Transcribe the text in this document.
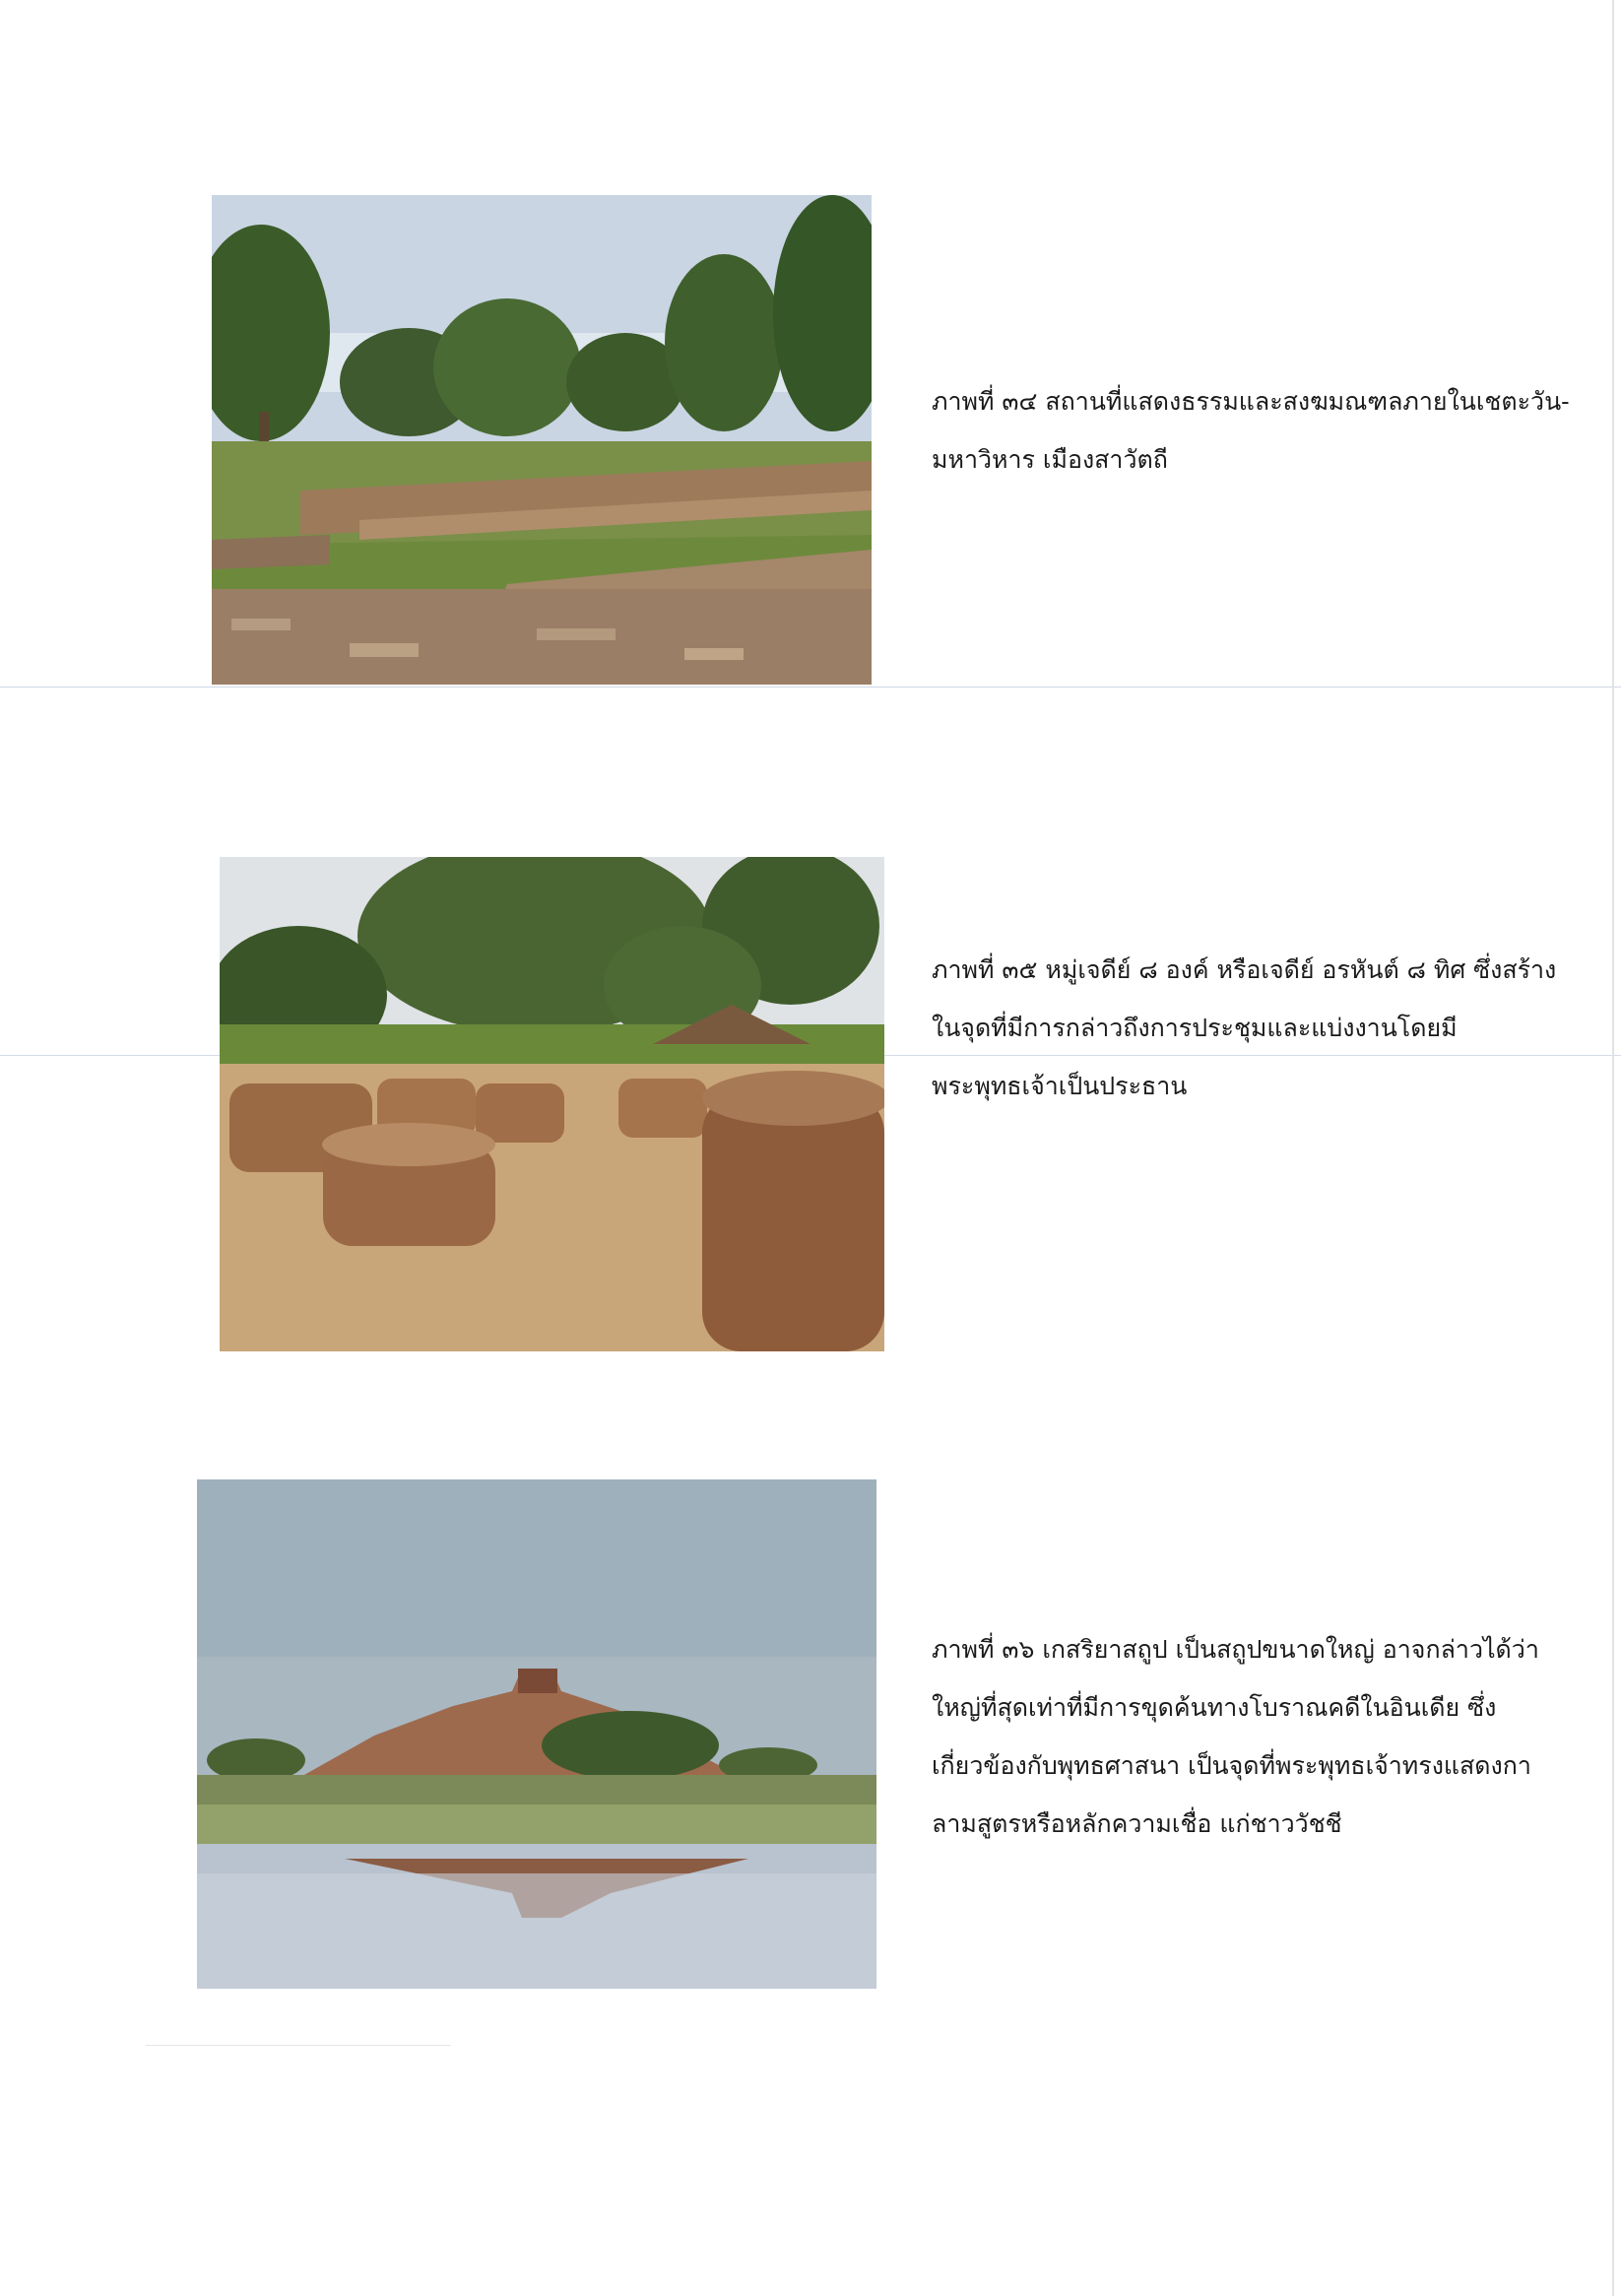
ภาพที่ ๓๔ สถานที่แสดงธรรมและสงฆมณฑลภายในเชตะวัน-

มหาวิหาร เมืองสาวัตถี

ภาพที่ ๓๕ หมู่เจดีย์ ๘ องค์ หรือเจดีย์ อรหันต์ ๘ ทิศ ซึ่งสร้าง

ในจุดที่มีการกล่าวถึงการประชุมและแบ่งงานโดยมี

พระพุทธเจ้าเป็นประธาน

ภาพที่ ๓๖ เกสริยาสถูป เป็นสถูปขนาดใหญ่ อาจกล่าวได้ว่า

ใหญ่ที่สุดเท่าที่มีการขุดค้นทางโบราณคดีในอินเดีย ซึ่ง

เกี่ยวข้องกับพุทธศาสนา เป็นจุดที่พระพุทธเจ้าทรงแสดงกา

ลามสูตรหรือหลักความเชื่อ แก่ชาววัชชี
